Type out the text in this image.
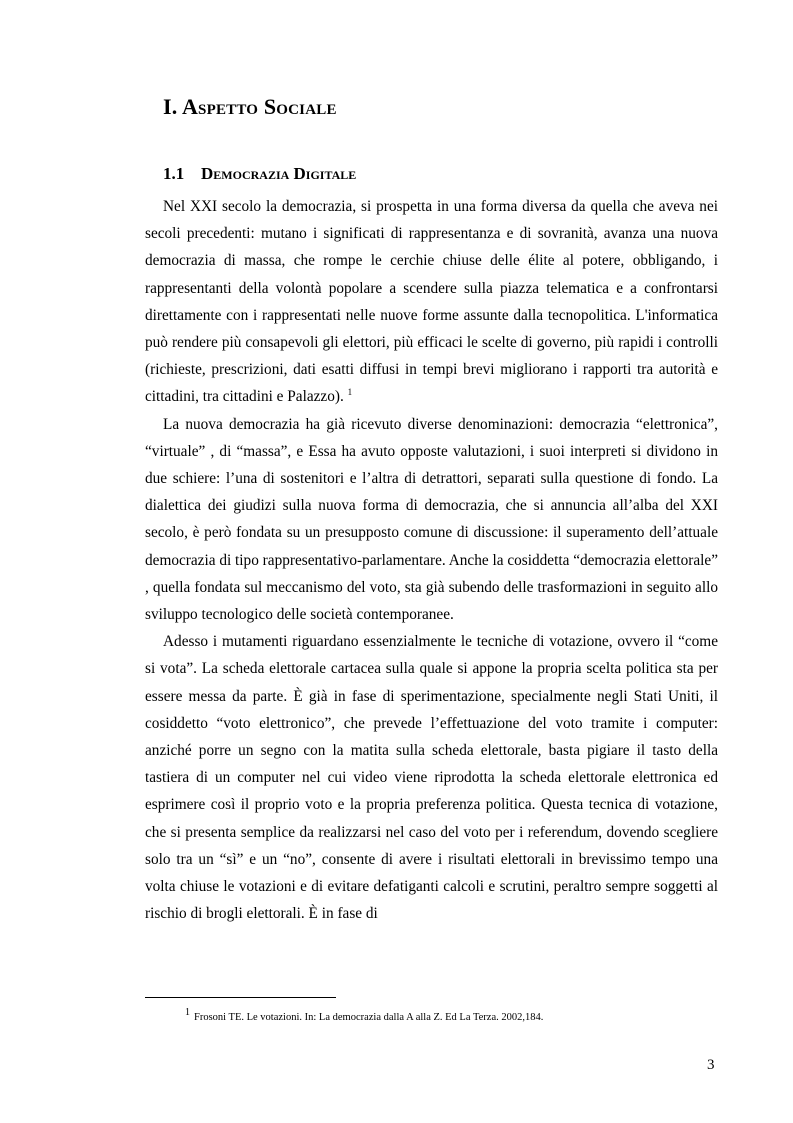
I. Aspetto Sociale
1.1 Democrazia Digitale

Nel XXI secolo la democrazia, si prospetta in una forma diversa da quella che aveva nei secoli precedenti: mutano i significati di rappresentanza e di sovranità, avanza una nuova democrazia di massa, che rompe le cerchie chiuse delle élite al potere, obbligando, i rappresentanti della volontà popolare a scendere sulla piazza telematica e a confrontarsi direttamente con i rappresentati nelle nuove forme assunte dalla tecnopolitica. L'informatica può rendere più consapevoli gli elettori, più efficaci le scelte di governo, più rapidi i controlli (richieste, prescrizioni, dati esatti diffusi in tempi brevi migliorano i rapporti tra autorità e cittadini, tra cittadini e Palazzo). $^1$

La nuova democrazia ha già ricevuto diverse denominazioni: democrazia “elettronica”, “virtuale” , di “massa”, e Essa ha avuto opposte valutazioni, i suoi interpreti si dividono in due schiere: l’una di sostenitori e l’altra di detrattori, separati sulla questione di fondo. La dialettica dei giudizi sulla nuova forma di democrazia, che si annuncia all’alba del XXI secolo, è però fondata su un presupposto comune di discussione: il superamento dell’attuale democrazia di tipo rappresentativo-parlamentare. Anche la cosiddetta “democrazia elettorale” , quella fondata sul meccanismo del voto, sta già subendo delle trasformazioni in seguito allo sviluppo tecnologico delle società contemporanee.

Adesso i mutamenti riguardano essenzialmente le tecniche di votazione, ovvero il “come si vota”. La scheda elettorale cartacea sulla quale si appone la propria scelta politica sta per essere messa da parte. È già in fase di sperimentazione, specialmente negli Stati Uniti, il cosiddetto “voto elettronico”, che prevede l’effettuazione del voto tramite i computer: anziché porre un segno con la matita sulla scheda elettorale, basta pigiare il tasto della tastiera di un computer nel cui video viene riprodotta la scheda elettorale elettronica ed esprimere così il proprio voto e la propria preferenza politica. Questa tecnica di votazione, che si presenta semplice da realizzarsi nel caso del voto per i referendum, dovendo scegliere solo tra un “sì” e un “no”, consente di avere i risultati elettorali in brevissimo tempo una volta chiuse le votazioni e di evitare defatiganti calcoli e scrutini, peraltro sempre soggetti al rischio di brogli elettorali. È in fase di

1 Frosoni TE. Le votazioni. In: La democrazia dalla A alla Z. Ed La Terza. 2002,184.
3
